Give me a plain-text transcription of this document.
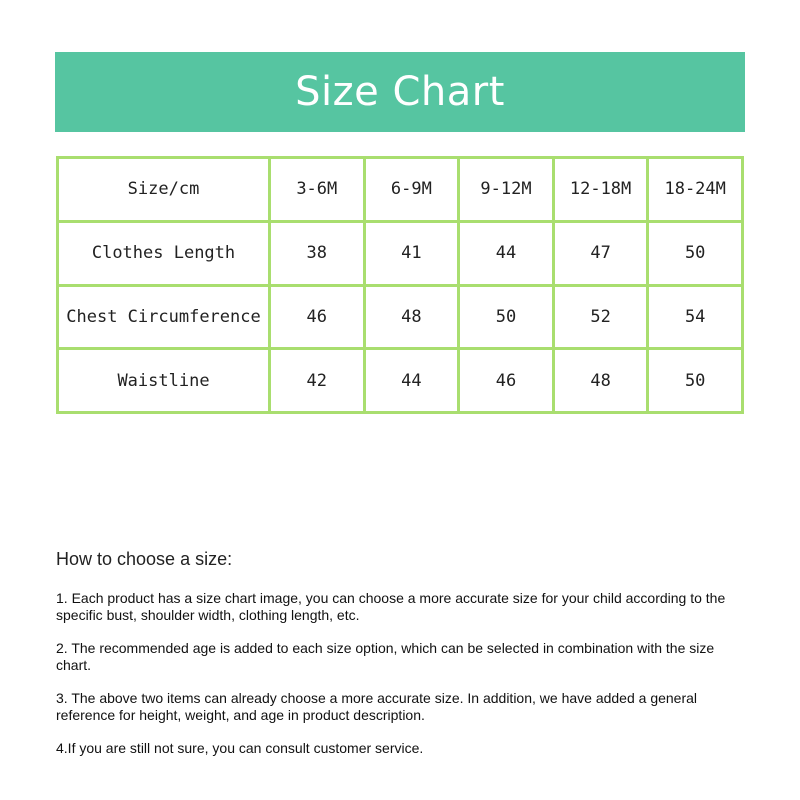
Size Chart
Size/cm	3-6M	6-9M	9-12M	12-18M	18-24M
Clothes Length	38	41	44	47	50
Chest Circumference	46	48	50	52	54
Waistline	42	44	46	48	50

How to choose a size:

1. Each product has a size chart image, you can choose a more accurate size for your child according to the specific bust, shoulder width, clothing length, etc.

2. The recommended age is added to each size option, which can be selected in combination with the size chart.

3. The above two items can already choose a more accurate size. In addition, we have added a general reference for height, weight, and age in product description.

4.If you are still not sure, you can consult customer service.
